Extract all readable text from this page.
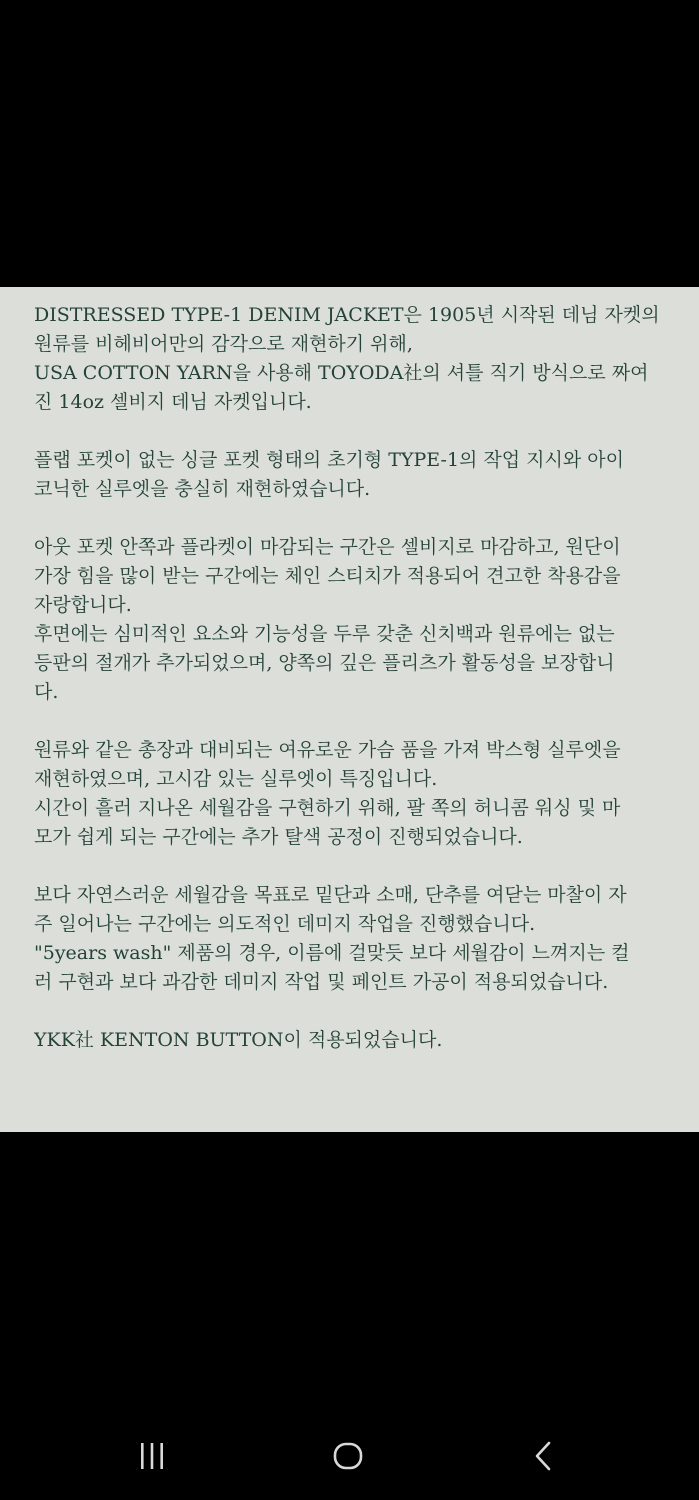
DISTRESSED TYPE-1 DENIM JACKET은 1905년 시작된 데님 자켓의
원류를 비헤비어만의 감각으로 재현하기 위해,
USA COTTON YARN을 사용해 TOYODA社의 셔틀 직기 방식으로 짜여
진 14oz 셀비지 데님 자켓입니다.

플랩 포켓이 없는 싱글 포켓 형태의 초기형 TYPE-1의 작업 지시와 아이
코닉한 실루엣을 충실히 재현하였습니다.

아웃 포켓 안쪽과 플라켓이 마감되는 구간은 셀비지로 마감하고, 원단이
가장 힘을 많이 받는 구간에는 체인 스티치가 적용되어 견고한 착용감을
자랑합니다.
후면에는 심미적인 요소와 기능성을 두루 갖춘 신치백과 원류에는 없는
등판의 절개가 추가되었으며, 양쪽의 깊은 플리츠가 활동성을 보장합니
다.

원류와 같은 총장과 대비되는 여유로운 가슴 품을 가져 박스형 실루엣을
재현하였으며, 고시감 있는 실루엣이 특징입니다.
시간이 흘러 지나온 세월감을 구현하기 위해, 팔 쪽의 허니콤 워싱 및 마
모가 쉽게 되는 구간에는 추가 탈색 공정이 진행되었습니다.

보다 자연스러운 세월감을 목표로 밑단과 소매, 단추를 여닫는 마찰이 자
주 일어나는 구간에는 의도적인 데미지 작업을 진행했습니다.
"5years wash" 제품의 경우, 이름에 걸맞듯 보다 세월감이 느껴지는 컬
러 구현과 보다 과감한 데미지 작업 및 페인트 가공이 적용되었습니다.

YKK社 KENTON BUTTON이 적용되었습니다.
